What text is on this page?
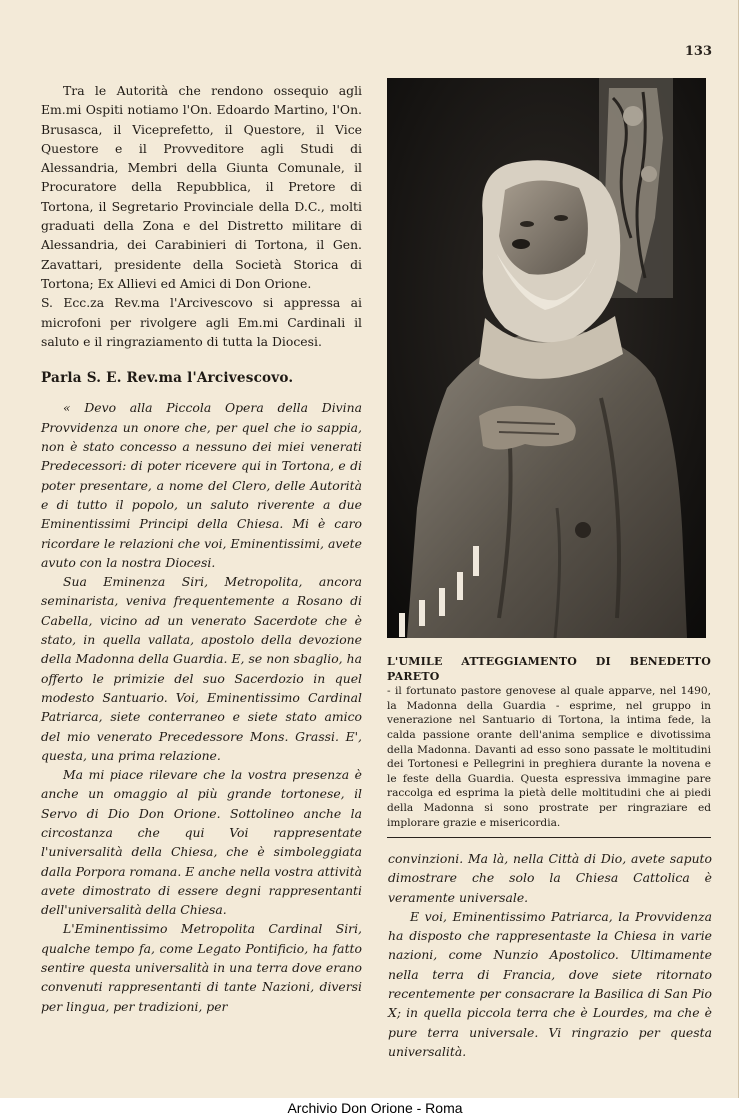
133

Tra le Autorità che rendono ossequio agli Em.mi Ospiti notiamo l'On. Edoardo Martino, l'On. Brusasca, il Viceprefetto, il Questore, il Vice Questore e il Provveditore agli Studi di Alessandria, Membri della Giunta Comunale, il Procuratore della Repubblica, il Pretore di Tortona, il Segretario Provinciale della D.C., molti graduati della Zona e del Distretto militare di Alessandria, dei Carabinieri di Tortona, il Gen. Zavattari, presidente della Società Storica di Tortona; Ex Allievi ed Amici di Don Orione.

S. Ecc.za Rev.ma l'Arcivescovo si appressa ai microfoni per rivolgere agli Em.mi Cardinali il saluto e il ringraziamento di tutta la Diocesi.

Parla S. E. Rev.ma l'Arcivescovo.

« Devo alla Piccola Opera della Divina Provvidenza un onore che, per quel che io sappia, non è stato concesso a nessuno dei miei venerati Predecessori: di poter ricevere qui in Tortona, e di poter presentare, a nome del Clero, delle Autorità e di tutto il popolo, un saluto riverente a due Eminentissimi Principi della Chiesa. Mi è caro ricordare le relazioni che voi, Eminentissimi, avete avuto con la nostra Diocesi.

Sua Eminenza Siri, Metropolita, ancora seminarista, veniva frequentemente a Rosano di Cabella, vicino ad un venerato Sacerdote che è stato, in quella vallata, apostolo della devozione della Madonna della Guardia. E, se non sbaglio, ha offerto le primizie del suo Sacerdozio in quel modesto Santuario. Voi, Eminentissimo Cardinal Patriarca, siete conterraneo e siete stato amico del mio venerato Precedessore Mons. Grassi. E', questa, una prima relazione.

Ma mi piace rilevare che la vostra presenza è anche un omaggio al più grande tortonese, il Servo di Dio Don Orione. Sottolineo anche la circostanza che qui Voi rappresentate l'universalità della Chiesa, che è simboleggiata dalla Porpora romana. E anche nella vostra attività avete dimostrato di essere degni rappresentanti dell'universalità della Chiesa.

L'Eminentissimo Metropolita Cardinal Siri, qualche tempo fa, come Legato Pontificio, ha fatto sentire questa universalità in una terra dove erano convenuti rappresentanti di tante Nazioni, diversi per lingua, per tradizioni, per

L'UMILE ATTEGGIAMENTO DI BENEDETTO PARETO
- il fortunato pastore genovese al quale apparve, nel 1490, la Madonna della Guardia - esprime, nel gruppo in venerazione nel Santuario di Tortona, la intima fede, la calda passione orante dell'anima semplice e divotissima della Madonna. Davanti ad esso sono passate le moltitudini dei Tortonesi e Pellegrini in preghiera durante la novena e le feste della Guardia. Questa espressiva immagine pare raccolga ed esprima la pietà delle moltitudini che ai piedi della Madonna si sono prostrate per ringraziare ed implorare grazie e misericordia.

convinzioni. Ma là, nella Città di Dio, avete saputo dimostrare che solo la Chiesa Cattolica è veramente universale.

E voi, Eminentissimo Patriarca, la Provvidenza ha disposto che rappresentaste la Chiesa in varie nazioni, come Nunzio Apostolico. Ultimamente nella terra di Francia, dove siete ritornato recentemente per consacrare la Basilica di San Pio X; in quella piccola terra che è Lourdes, ma che è pure terra universale. Vi ringrazio per questa universalità.

Archivio Don Orione - Roma
